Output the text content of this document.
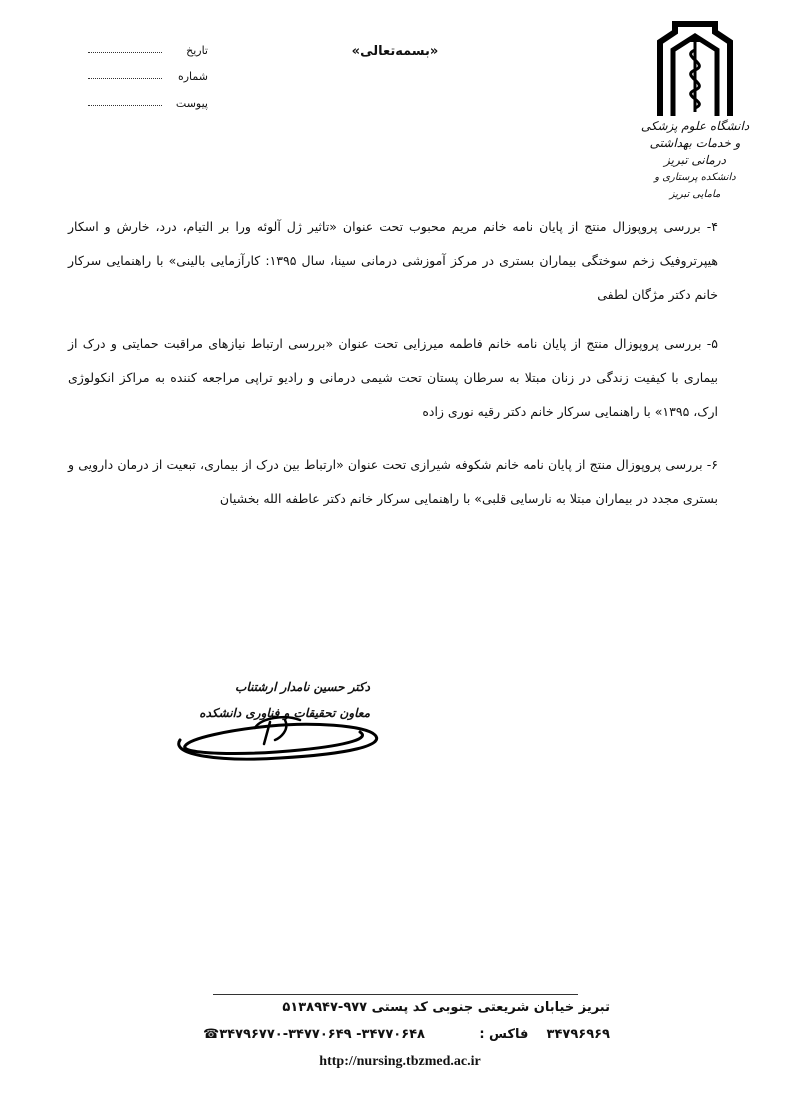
دانشگاه علوم پزشکی
و خدمات بهداشتی درمانی تبریز
دانشکده پرستاری و مامایی تبریز
«بسمه‌تعالی»
تاریخ
شماره
پیوست
۴- بررسی پروپوزال منتج از پایان نامه خانم مریم محبوب تحت عنوان «تاثیر ژل آلوئه ورا بر التیام، درد، خارش و اسکار هیپرتروفیک زخم سوختگی بیماران بستری در مرکز آموزشی درمانی سینا، سال ۱۳۹۵: کارآزمایی بالینی» با راهنمایی سرکار خانم دکتر مژگان لطفی
۵- بررسی پروپوزال منتج از پایان نامه خانم فاطمه میرزایی تحت عنوان «بررسی ارتباط نیازهای مراقبت حمایتی و درک از بیماری با کیفیت زندگی در زنان مبتلا به سرطان پستان تحت شیمی درمانی و رادیو تراپی مراجعه کننده به مراکز انکولوژی ارک، ۱۳۹۵» با راهنمایی سرکار خانم دکتر رقیه نوری زاده
۶- بررسی پروپوزال منتج از پایان نامه خانم شکوفه شیرازی تحت عنوان «ارتباط بین درک از بیماری، تبعیت از درمان دارویی و بستری مجدد در بیماران مبتلا به نارسایی قلبی» با راهنمایی سرکار خانم دکتر عاطفه الله بخشیان
دکتر حسین نامدار ارشتناب
معاون تحقیقات و فناوری دانشکده
تبریز خیابان شریعتی جنوبی کد پستی ۹۷۷-۵۱۳۸۹۴۷
۳۴۷۹۶۹۶۹    فاکس :            ۳۴۷۷۰۶۴۸- ۳۴۷۷۰۶۴۹-۳۴۷۹۶۷۷۰☎
http://nursing.tbzmed.ac.ir
